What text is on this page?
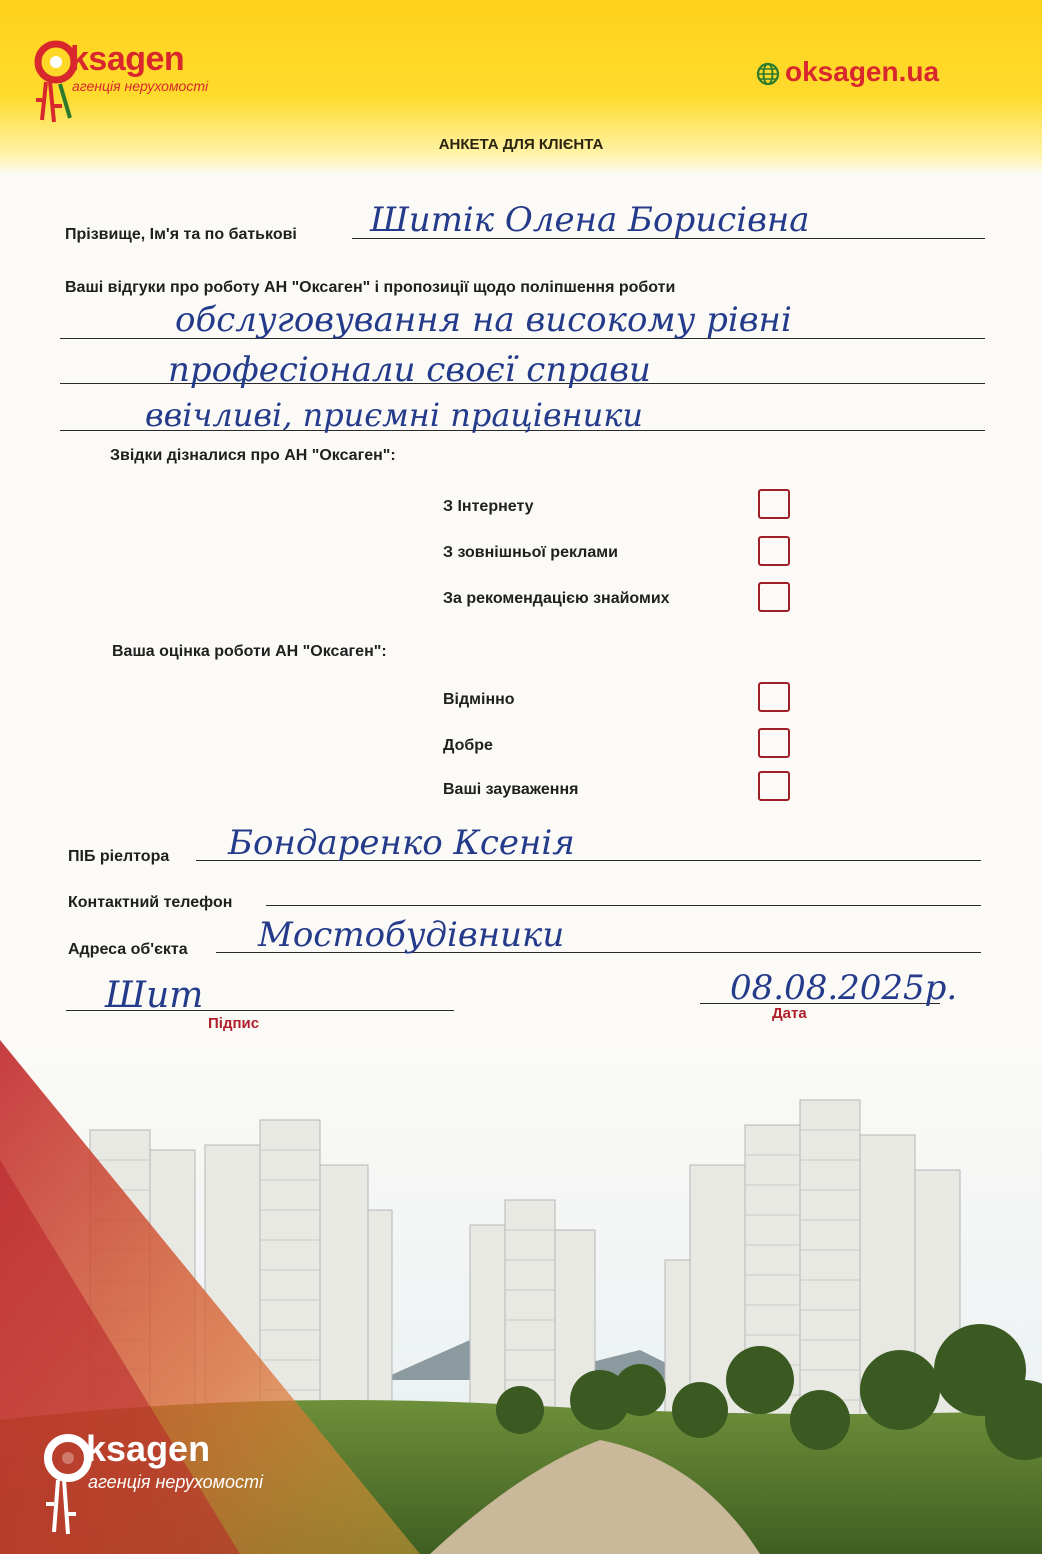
ksagen
агенція нерухомості	oksagen.ua
АНКЕТА ДЛЯ КЛІЄНТА
Прізвище, Ім'я та по батькові Шитік Олена Борисівна
Ваші відгуки про роботу АН "Оксаген" і пропозиції щодо поліпшення роботи
обслуговування на високому рівні
професіонали своєї справи
ввічливі, приємні працівники
Звідки дізналися про АН "Оксаген":
З Інтернету
З зовнішньої реклами
За рекомендацією знайомих
Ваша оцінка роботи АН "Оксаген":
Відмінно
Добре
Ваші зауваження
ПІБ ріелтора Бондаренко Ксенія
Контактний телефон
Адреса об'єкта Мостобудівники
Шит
Підпис
08.08.2025р.
Дата
ksagen
агенція нерухомості
